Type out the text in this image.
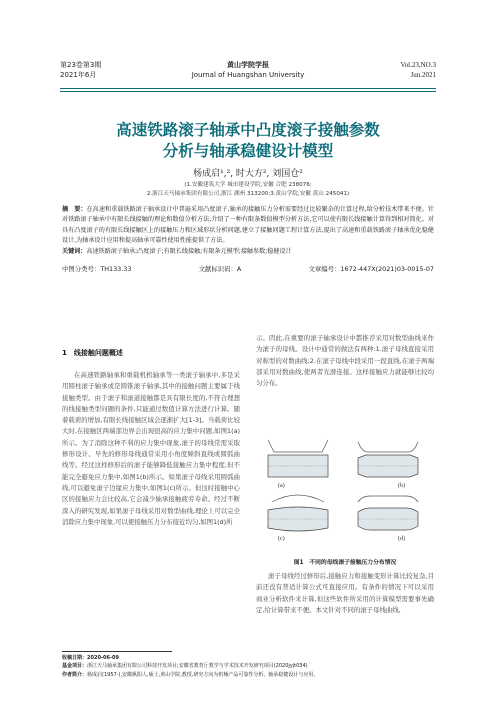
第23卷第3期
2021年6月
黄山学院学报
Journal of Huangshan University
Vol.23,NO.3
Jun.2021
高速铁路滚子轴承中凸度滚子接触参数
分析与轴承稳健设计模型
杨成启¹,², 时大方², 刘国仓²
(1.安徽建筑大学 城市建设学院,安徽 合肥 238076;
2.浙江天马轴承集团有限公司,浙江 湖州 313200;3.黄山学院,安徽 黄山 245041)
摘　要：在高速和重载铁路滚子轴承设计中普遍采用凸度滚子,轴承的接触压力分析需要经过比较繁杂的计算过程,给分析技术带来不便。针对铁路滚子轴承中有限长线接触的理论和数值分析方法,介绍了一种有限条数值模型分析方法,它可以使有限长线接触计算得到相对简化。对具有凸度滚子的有限长线接触区上的接触压力和区域形状分析问题,建立了接触问题工程计算方法,提出了高速和重载铁路滚子轴承优化稳健设计,为轴承设计应用和提高轴承可靠性使用性能提供了方法。
关键词：高速铁路滚子轴承;凸度滚子;有限长线接触;有限条元模型;接触参数;稳健设计
中图分类号：TH133.33	文献标识码：A	文章编号：1672-447X(2021)03-0015-07
1　线接触问题概述
在高速铁路轴承和重载机机轴承等一类滚子轴承中,多是采用圆柱滚子轴承或是圆锥滚子轴承,其中的接触问题主要属于线接触类型。由于滚子和滚道接触都是具有限长度的,不符合理想的线接触类型问题的条件,只能通过数值计算方法进行计算。随着载荷的增加,有限长线接触区域会逐渐扩大[1-3]。当载荷比较大时,在接触区两端部边界会出现很高的应力集中问题,如图1(a)所示。为了消除这种不利的应力集中现象,滚子的母线常需采取修形设计。早先的修形母线通常采用小角度倾斜直线或圆弧曲线等。经过这样修形后的滚子能够降低接触应力集中程度,但不能完全避免应力集中,如图1(b)所示。如果滚子母线采用圆弧曲线,可以避免滚子边缘应力集中,如图1(c)所示。但这时接触中心区的接触应力会比较高,它会减少轴承接触疲劳寿命。经过不断深入的研究发现,如果滚子母线采用对数型曲线,理论上可以完全消除应力集中现象,可以使接触压力分布接近均匀,如图1(d)所
示。因此,在重要的滚子轴承设计中都推荐采用对数型曲线来作为滚子的母线。设计中通常的做法有两种:1.滚子母线直接采用对称型的对数曲线;2.在滚子母线中段采用一段直线,在滚子两端部采用对数曲线,使两者光滑连接。这样接触应力就能够比较均匀分布。
(a)	(b)
(c)	(d)
图1　不同的母线滚子接触压力分布情况
滚子母线经过修形后,接触应力和接触变形计算比较复杂,目前还没有普适计算公式可直接应用。有条件的情况下可以采用商业分析软件来计算,但这些软件所采用的计算模型需要事先确定,给计算带来不便。本文针对不同的滚子母线曲线,
收稿日期：2020-06-09
基金项目：浙江天马轴承集团有限公司科技开发项目;安徽省教育厅教学与学术技术开发研究项目(2020jyjt034)
作者简介：杨成启(1957-),安徽枞阳人,硕士,黄山学院,教授,研究方向为机械产品可靠性分析、轴承稳健设计与应用。
